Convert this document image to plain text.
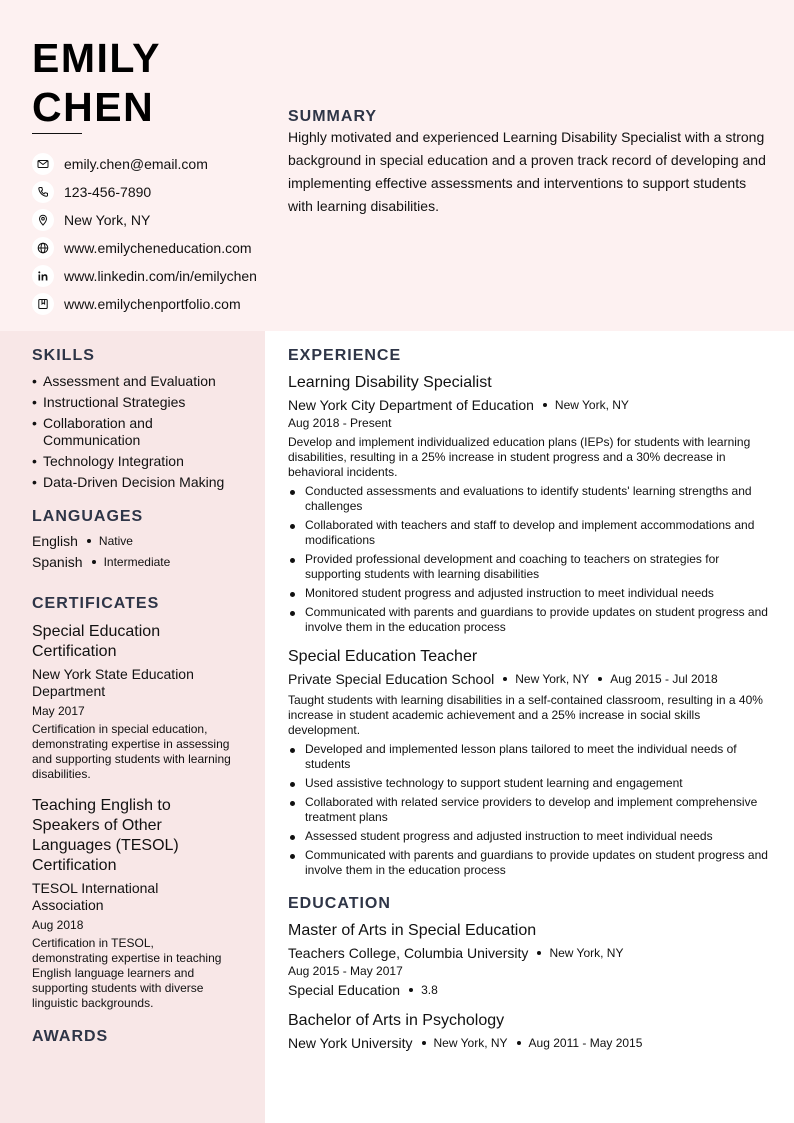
EMILY
CHEN
emily.chen@email.com
123-456-7890
New York, NY
www.emilycheneducation.com
www.linkedin.com/in/emilychen
www.emilychenportfolio.com
SUMMARY

Highly motivated and experienced Learning Disability Specialist with a strong background in special education and a proven track record of developing and implementing effective assessments and interventions to support students with learning disabilities.

SKILLS
• Assessment and Evaluation
• Instructional Strategies
• Collaboration and Communication
• Technology Integration
• Data-Driven Decision Making
LANGUAGES
English Native
Spanish Intermediate
CERTIFICATES
Special Education Certification
New York State Education Department
May 2017
Certification in special education, demonstrating expertise in assessing and supporting students with learning disabilities.
Teaching English to Speakers of Other Languages (TESOL) Certification
TESOL International Association
Aug 2018
Certification in TESOL, demonstrating expertise in teaching English language learners and supporting students with diverse linguistic backgrounds.
AWARDS
EXPERIENCE
Learning Disability Specialist
New York City Department of Education New York, NY
Aug 2018 - Present
Develop and implement individualized education plans (IEPs) for students with learning disabilities, resulting in a 25% increase in student progress and a 30% decrease in behavioral incidents.
Conducted assessments and evaluations to identify students' learning strengths and challenges
Collaborated with teachers and staff to develop and implement accommodations and modifications
Provided professional development and coaching to teachers on strategies for supporting students with learning disabilities
Monitored student progress and adjusted instruction to meet individual needs
Communicated with parents and guardians to provide updates on student progress and involve them in the education process
Special Education Teacher
Private Special Education School New York, NY Aug 2015 - Jul 2018
Taught students with learning disabilities in a self-contained classroom, resulting in a 40% increase in student academic achievement and a 25% increase in social skills development.
Developed and implemented lesson plans tailored to meet the individual needs of students
Used assistive technology to support student learning and engagement
Collaborated with related service providers to develop and implement comprehensive treatment plans
Assessed student progress and adjusted instruction to meet individual needs
Communicated with parents and guardians to provide updates on student progress and involve them in the education process
EDUCATION
Master of Arts in Special Education
Teachers College, Columbia University New York, NY
Aug 2015 - May 2017
Special Education 3.8
Bachelor of Arts in Psychology
New York University New York, NY Aug 2011 - May 2015
